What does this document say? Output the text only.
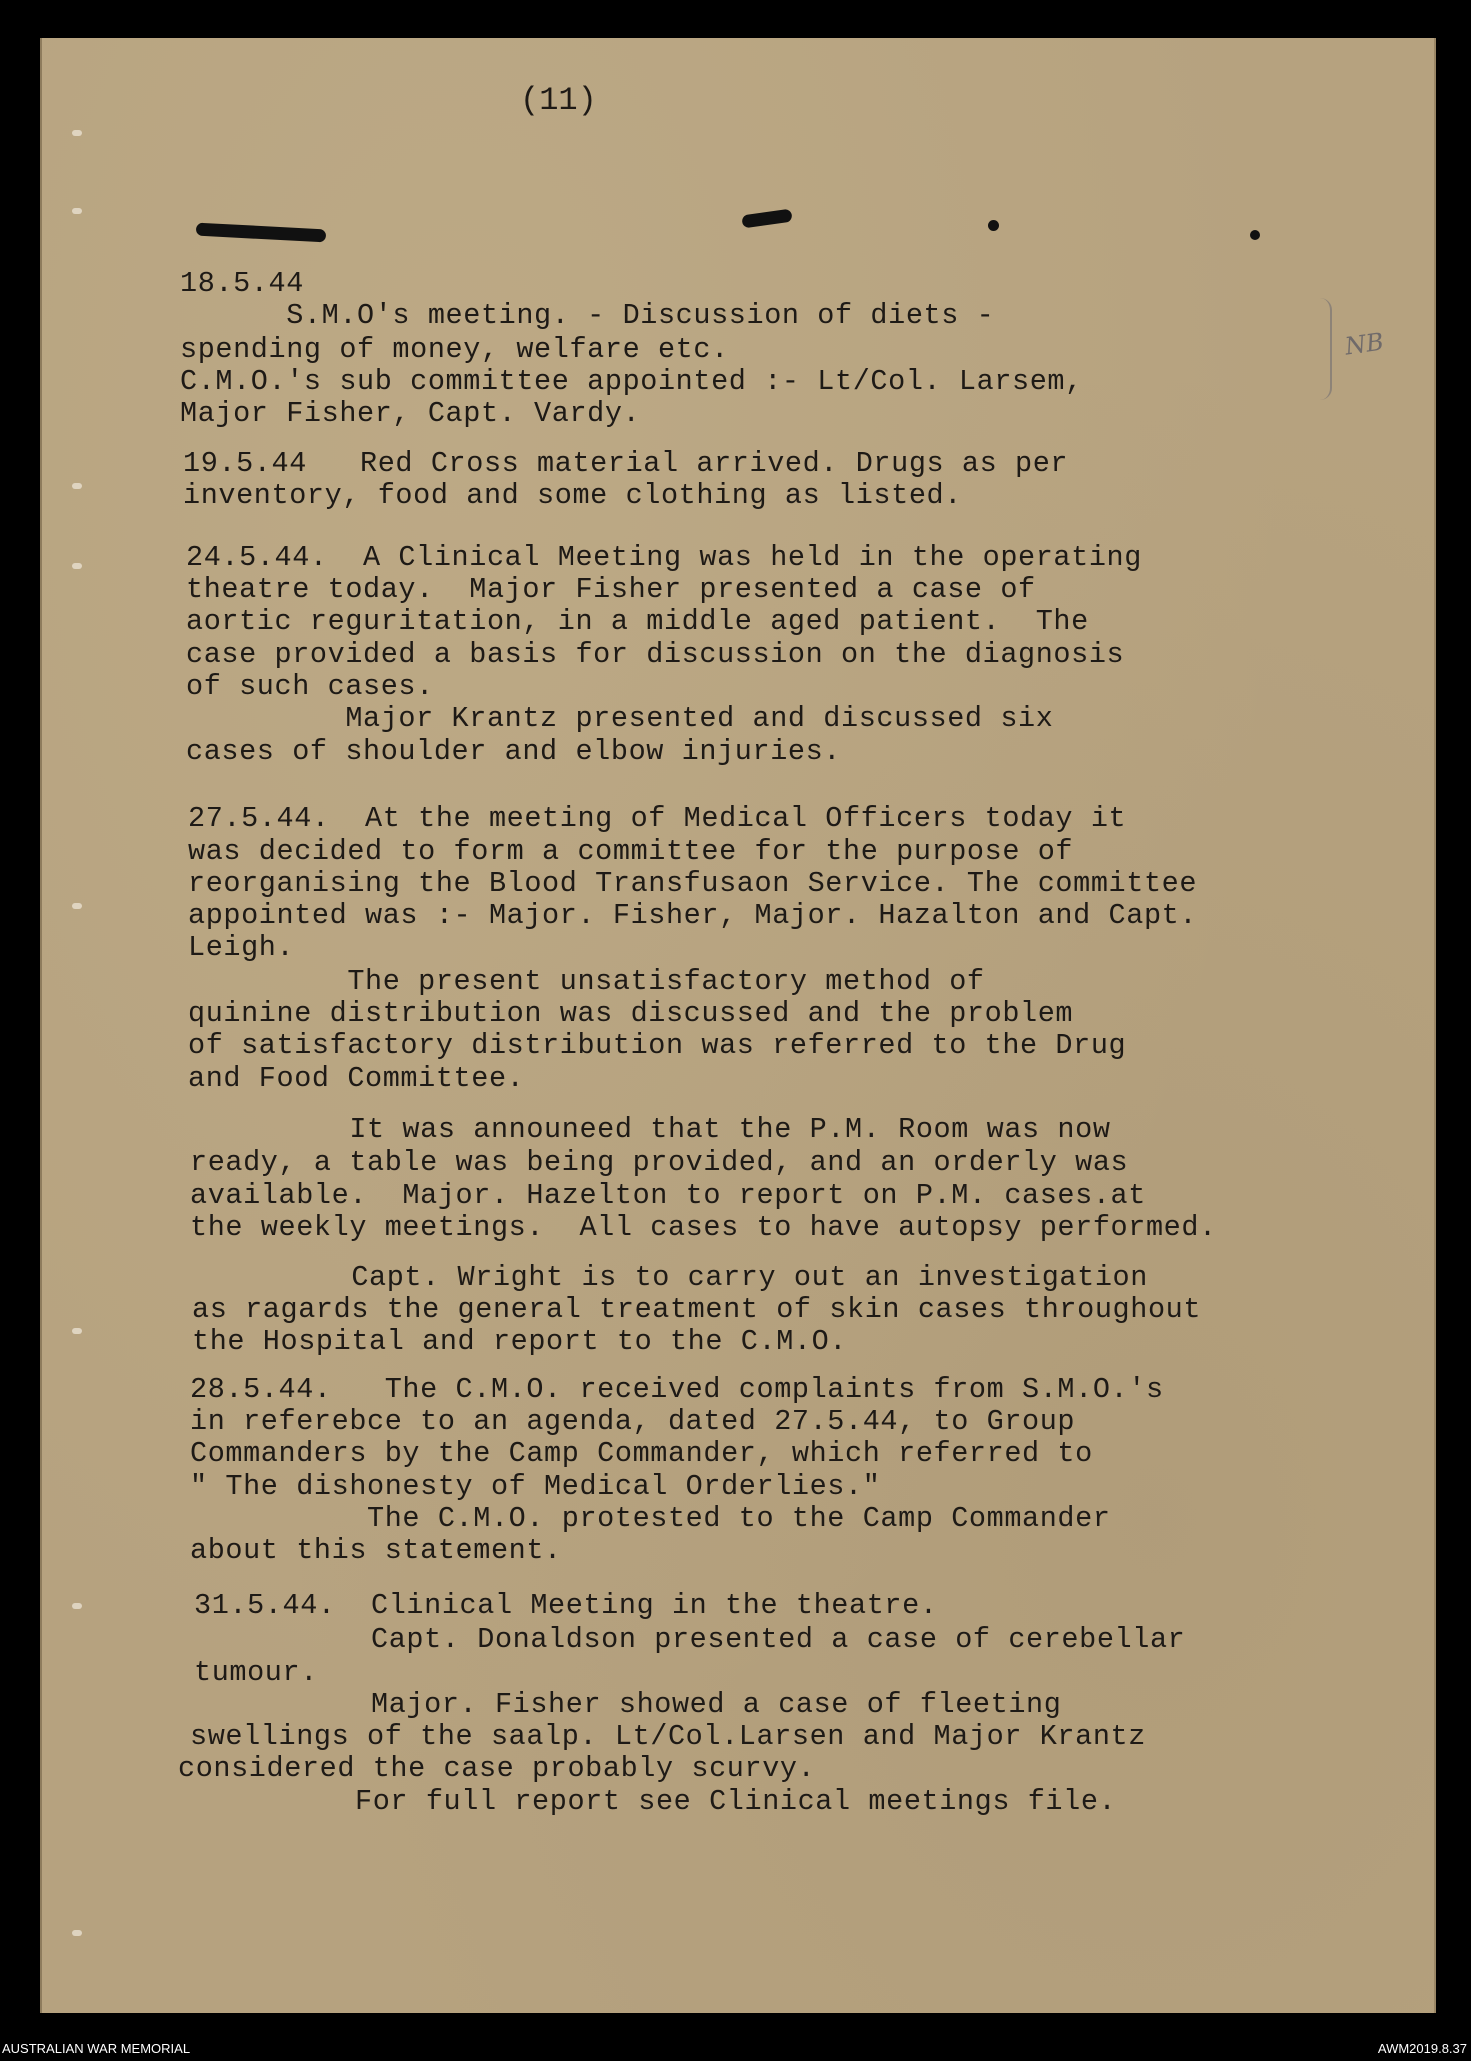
(11)
NB
18.5.44
S.M.O's meeting. - Discussion of diets -
spending of money, welfare etc.
C.M.O.'s sub committee appointed :- Lt/Col. Larsem,
Major Fisher, Capt. Vardy.
19.5.44   Red Cross material arrived. Drugs as per
inventory, food and some clothing as listed.
24.5.44.  A Clinical Meeting was held in the operating
theatre today.  Major Fisher presented a case of
aortic reguritation, in a middle aged patient.  The
case provided a basis for discussion on the diagnosis
of such cases.
Major Krantz presented and discussed six
cases of shoulder and elbow injuries.
27.5.44.  At the meeting of Medical Officers today it
was decided to form a committee for the purpose of
reorganising the Blood Transfusaon Service. The committee
appointed was :- Major. Fisher, Major. Hazalton and Capt.
Leigh.
The present unsatisfactory method of
quinine distribution was discussed and the problem
of satisfactory distribution was referred to the Drug
and Food Committee.
It was announeed that the P.M. Room was now
ready, a table was being provided, and an orderly was
available.  Major. Hazelton to report on P.M. cases.at
the weekly meetings.  All cases to have autopsy performed.
Capt. Wright is to carry out an investigation
as ragards the general treatment of skin cases throughout
the Hospital and report to the C.M.O.
28.5.44.   The C.M.O. received complaints from S.M.O.'s
in referebce to an agenda, dated 27.5.44, to Group
Commanders by the Camp Commander, which referred to
" The dishonesty of Medical Orderlies."
The C.M.O. protested to the Camp Commander
about this statement.
31.5.44.  Clinical Meeting in the theatre.
Capt. Donaldson presented a case of cerebellar
tumour.
Major. Fisher showed a case of fleeting
swellings of the saalp. Lt/Col.Larsen and Major Krantz
considered the case probably scurvy.
For full report see Clinical meetings file.
AUSTRALIAN WAR MEMORIAL	AWM2019.8.37
